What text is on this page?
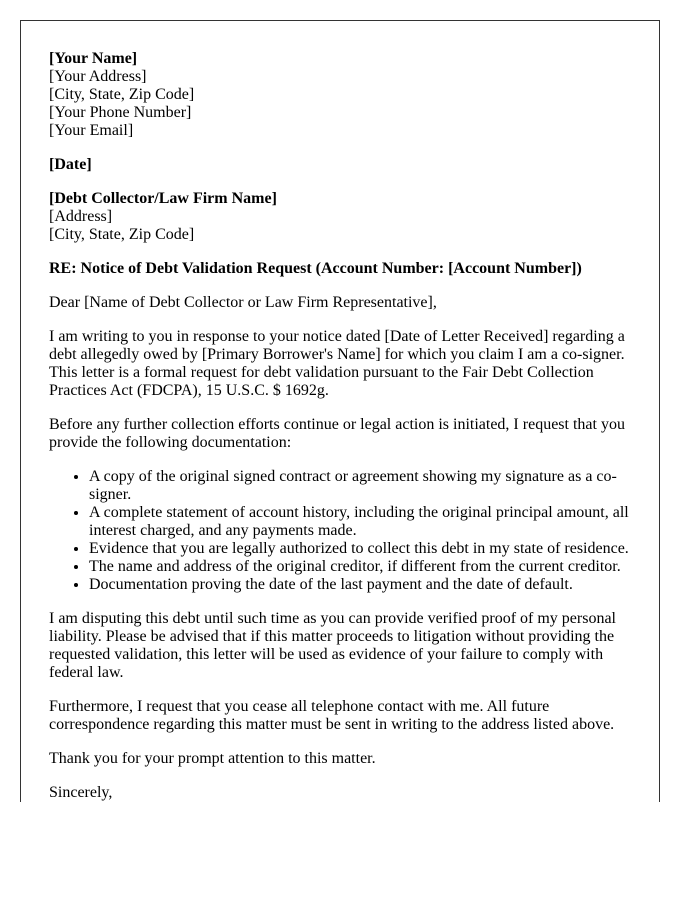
[Your Name]
[Your Address]
[City, State, Zip Code]
[Your Phone Number]
[Your Email]
[Date]
[Debt Collector/Law Firm Name]
[Address]
[City, State, Zip Code]

RE: Notice of Debt Validation Request (Account Number: [Account Number])

Dear [Name of Debt Collector or Law Firm Representative],

I am writing to you in response to your notice dated [Date of Letter Received] regarding a debt allegedly owed by [Primary Borrower's Name] for which you claim I am a co-signer. This letter is a formal request for debt validation pursuant to the Fair Debt Collection Practices Act (FDCPA), 15 U.S.C. $ 1692g.

Before any further collection efforts continue or legal action is initiated, I request that you provide the following documentation:

• A copy of the original signed contract or agreement showing my signature as a co-signer.
• A complete statement of account history, including the original principal amount, all interest charged, and any payments made.
• Evidence that you are legally authorized to collect this debt in my state of residence.
• The name and address of the original creditor, if different from the current creditor.
• Documentation proving the date of the last payment and the date of default.

I am disputing this debt until such time as you can provide verified proof of my personal liability. Please be advised that if this matter proceeds to litigation without providing the requested validation, this letter will be used as evidence of your failure to comply with federal law.

Furthermore, I request that you cease all telephone contact with me. All future correspondence regarding this matter must be sent in writing to the address listed above.

Thank you for your prompt attention to this matter.

Sincerely,
